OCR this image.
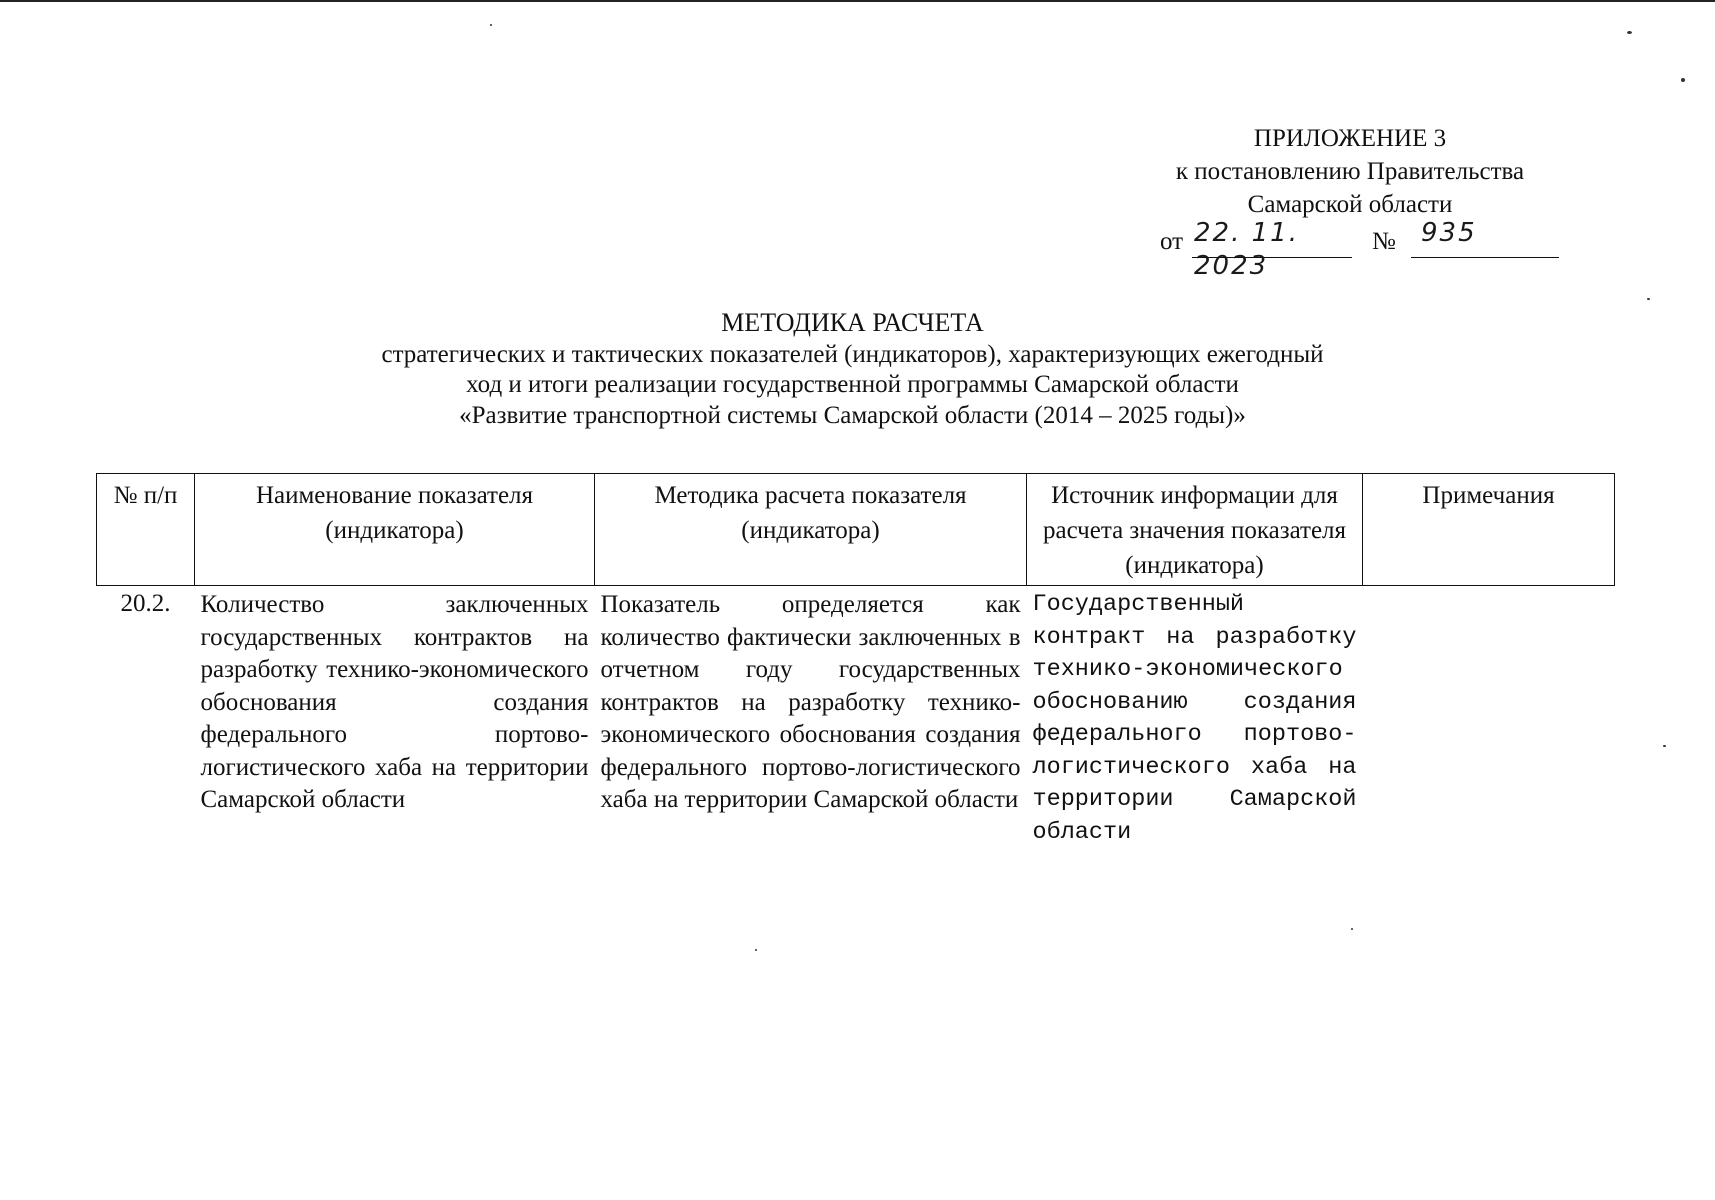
ПРИЛОЖЕНИЕ 3
к постановлению Правительства
Самарской области
от 22. 11. 2023
№ 935
МЕТОДИКА РАСЧЕТА
стратегических и тактических показателей (индикаторов), характеризующих ежегодный
ход и итоги реализации государственной программы Самарской области
«Развитие транспортной системы Самарской области (2014 – 2025 годы)»
№ п/п	Наименование показателя (индикатора)	Методика расчета показателя (индикатора)	Источник информации для расчета значения показателя (индикатора)	Примечания
20.2.	Количество заключенных государственных контрактов на разработку технико-экономического обоснования создания федерального портово-логистического хаба на территории Самарской области	Показатель определяется как количество фактически заключенных в отчетном году государственных контрактов на разработку технико-экономического обоснования создания федерального портово-логистического хаба на территории Самарской области	Государственный контракт на разработку технико-экономического обоснованию создания федерального портово-логистического хаба на территории Самарской области	
